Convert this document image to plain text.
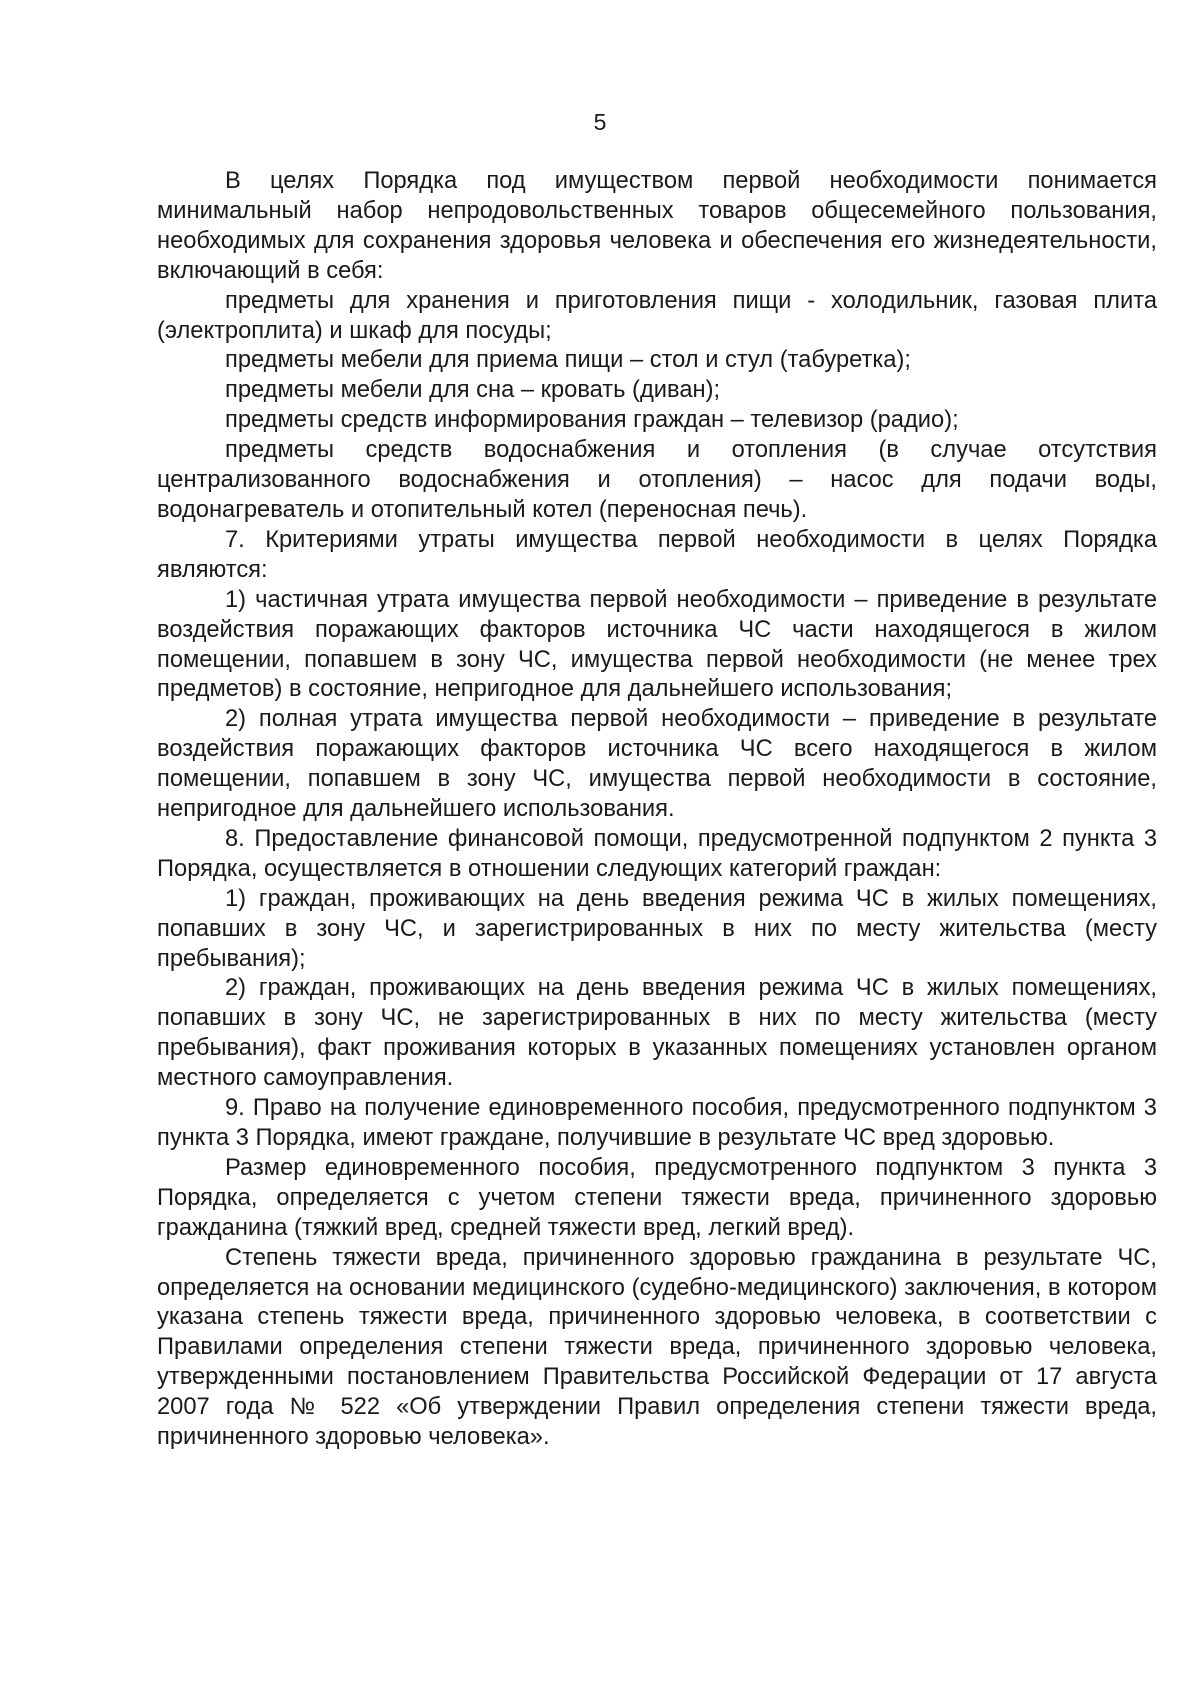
5

В целях Порядка под имуществом первой необходимости понимается минимальный набор непродовольственных товаров общесемейного пользования, необходимых для сохранения здоровья человека и обеспечения его жизнедеятельности, включающий в себя:

предметы для хранения и приготовления пищи - холодильник, газовая плита (электроплита) и шкаф для посуды;

предметы мебели для приема пищи – стол и стул (табуретка);

предметы мебели для сна – кровать (диван);

предметы средств информирования граждан – телевизор (радио);

предметы средств водоснабжения и отопления (в случае отсутствия централизованного водоснабжения и отопления) – насос для подачи воды, водонагреватель и отопительный котел (переносная печь).

7. Критериями утраты имущества первой необходимости в целях Порядка являются:

1) частичная утрата имущества первой необходимости – приведение в результате воздействия поражающих факторов источника ЧС части находящегося в жилом помещении, попавшем в зону ЧС, имущества первой необходимости (не менее трех предметов) в состояние, непригодное для дальнейшего использования;

2) полная утрата имущества первой необходимости – приведение в результате воздействия поражающих факторов источника ЧС всего находящегося в жилом помещении, попавшем в зону ЧС, имущества первой необходимости в состояние, непригодное для дальнейшего использования.

8. Предоставление финансовой помощи, предусмотренной подпунктом 2 пункта 3 Порядка, осуществляется в отношении следующих категорий граждан:

1) граждан, проживающих на день введения режима ЧС в жилых помещениях, попавших в зону ЧС, и зарегистрированных в них по месту жительства (месту пребывания);

2) граждан, проживающих на день введения режима ЧС в жилых помещениях, попавших в зону ЧС, не зарегистрированных в них по месту жительства (месту пребывания), факт проживания которых в указанных помещениях установлен органом местного самоуправления.

9. Право на получение единовременного пособия, предусмотренного подпунктом 3 пункта 3 Порядка, имеют граждане, получившие в результате ЧС вред здоровью.

Размер единовременного пособия, предусмотренного подпунктом 3 пункта 3 Порядка, определяется с учетом степени тяжести вреда, причиненного здоровью гражданина (тяжкий вред, средней тяжести вред, легкий вред).

Степень тяжести вреда, причиненного здоровью гражданина в результате ЧС, определяется на основании медицинского (судебно-медицинского) заключения, в котором указана степень тяжести вреда, причиненного здоровью человека, в соответствии с Правилами определения степени тяжести вреда, причиненного здоровью человека, утвержденными постановлением Правительства Российской Федерации от 17 августа 2007 года № 522 «Об утверждении Правил определения степени тяжести вреда, причиненного здоровью человека».
